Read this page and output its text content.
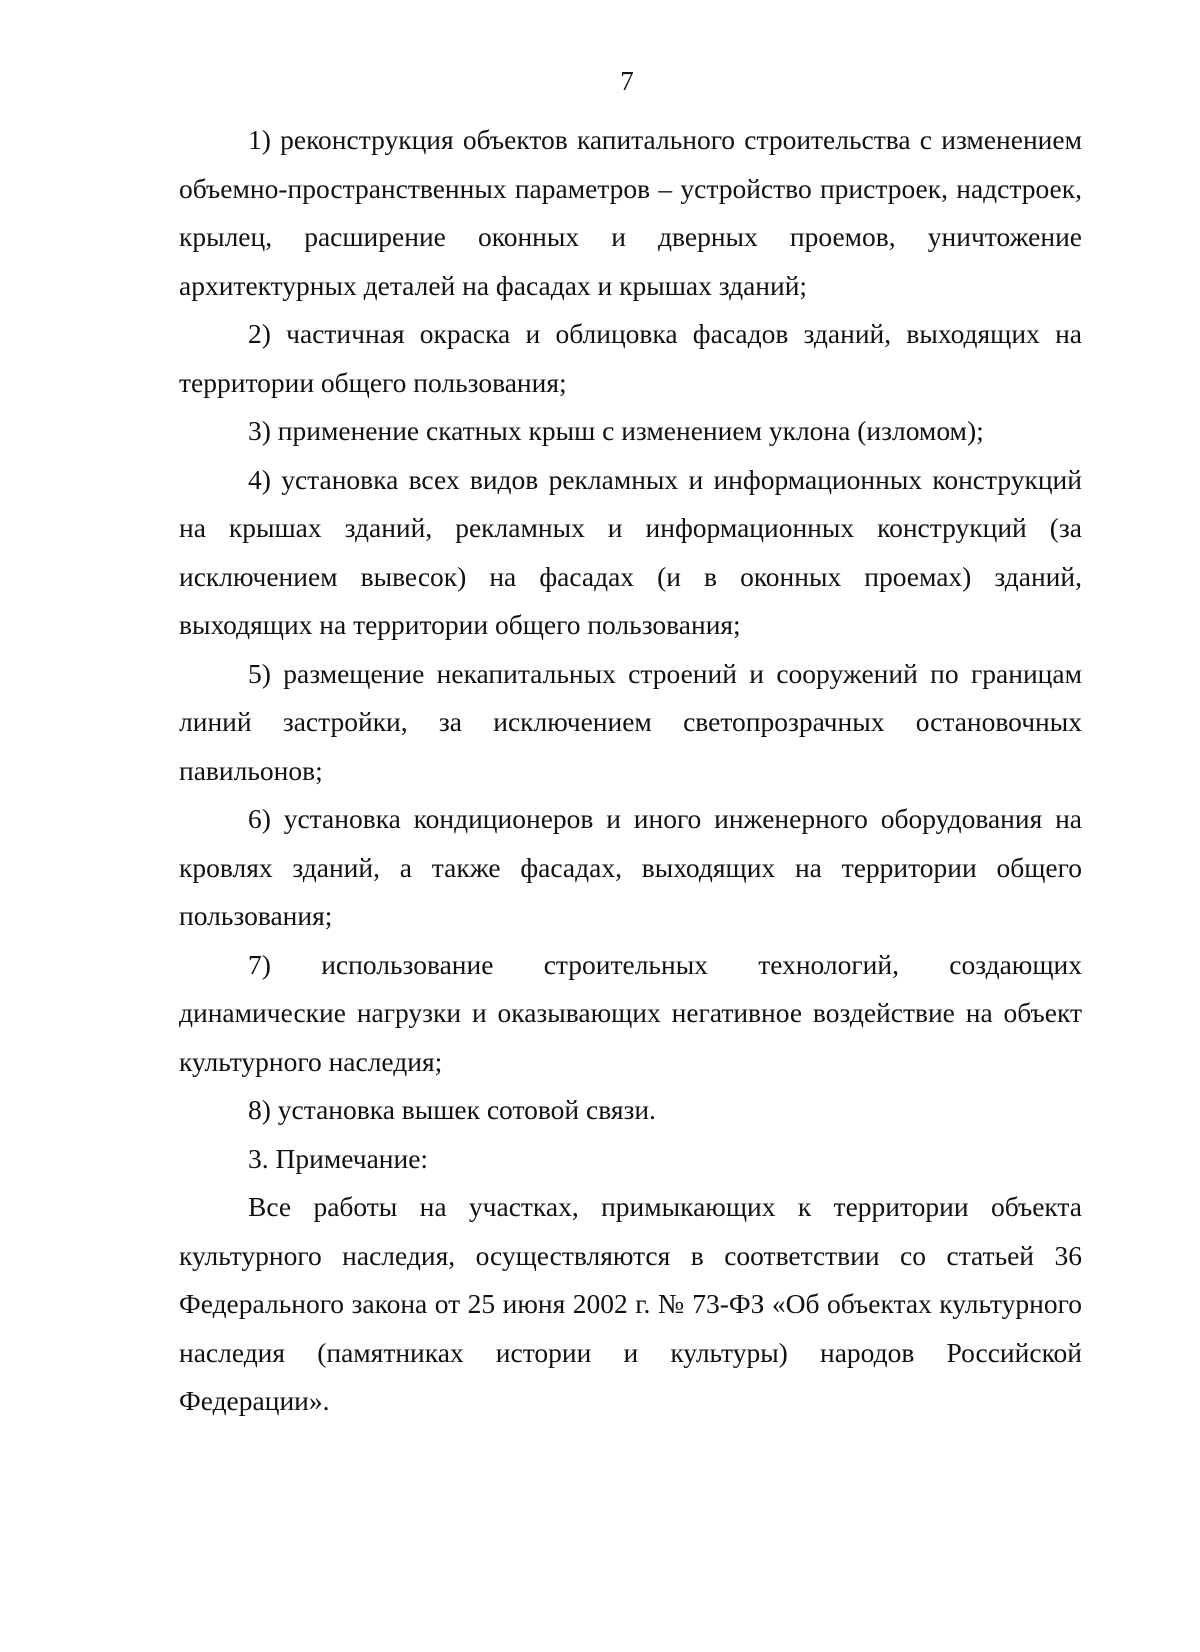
7

1) реконструкция объектов капитального строительства с изменением объемно-пространственных параметров – устройство пристроек, надстроек, крылец, расширение оконных и дверных проемов, уничтожение архитектурных деталей на фасадах и крышах зданий;

2) частичная окраска и облицовка фасадов зданий, выходящих на территории общего пользования;

3) применение скатных крыш с изменением уклона (изломом);

4) установка всех видов рекламных и информационных конструкций на крышах зданий, рекламных и информационных конструкций (за исключением вывесок) на фасадах (и в оконных проемах) зданий, выходящих на территории общего пользования;

5) размещение некапитальных строений и сооружений по границам линий застройки, за исключением светопрозрачных остановочных павильонов;

6) установка кондиционеров и иного инженерного оборудования на кровлях зданий, а также фасадах, выходящих на территории общего пользования;

7) использование строительных технологий, создающих динамические нагрузки и оказывающих негативное воздействие на объект культурного наследия;

8) установка вышек сотовой связи.

3. Примечание:

Все работы на участках, примыкающих к территории объекта культурного наследия, осуществляются в соответствии со статьей 36 Федерального закона от 25 июня 2002 г. № 73-ФЗ «Об объектах культурного наследия (памятниках истории и культуры) народов Российской Федерации».
